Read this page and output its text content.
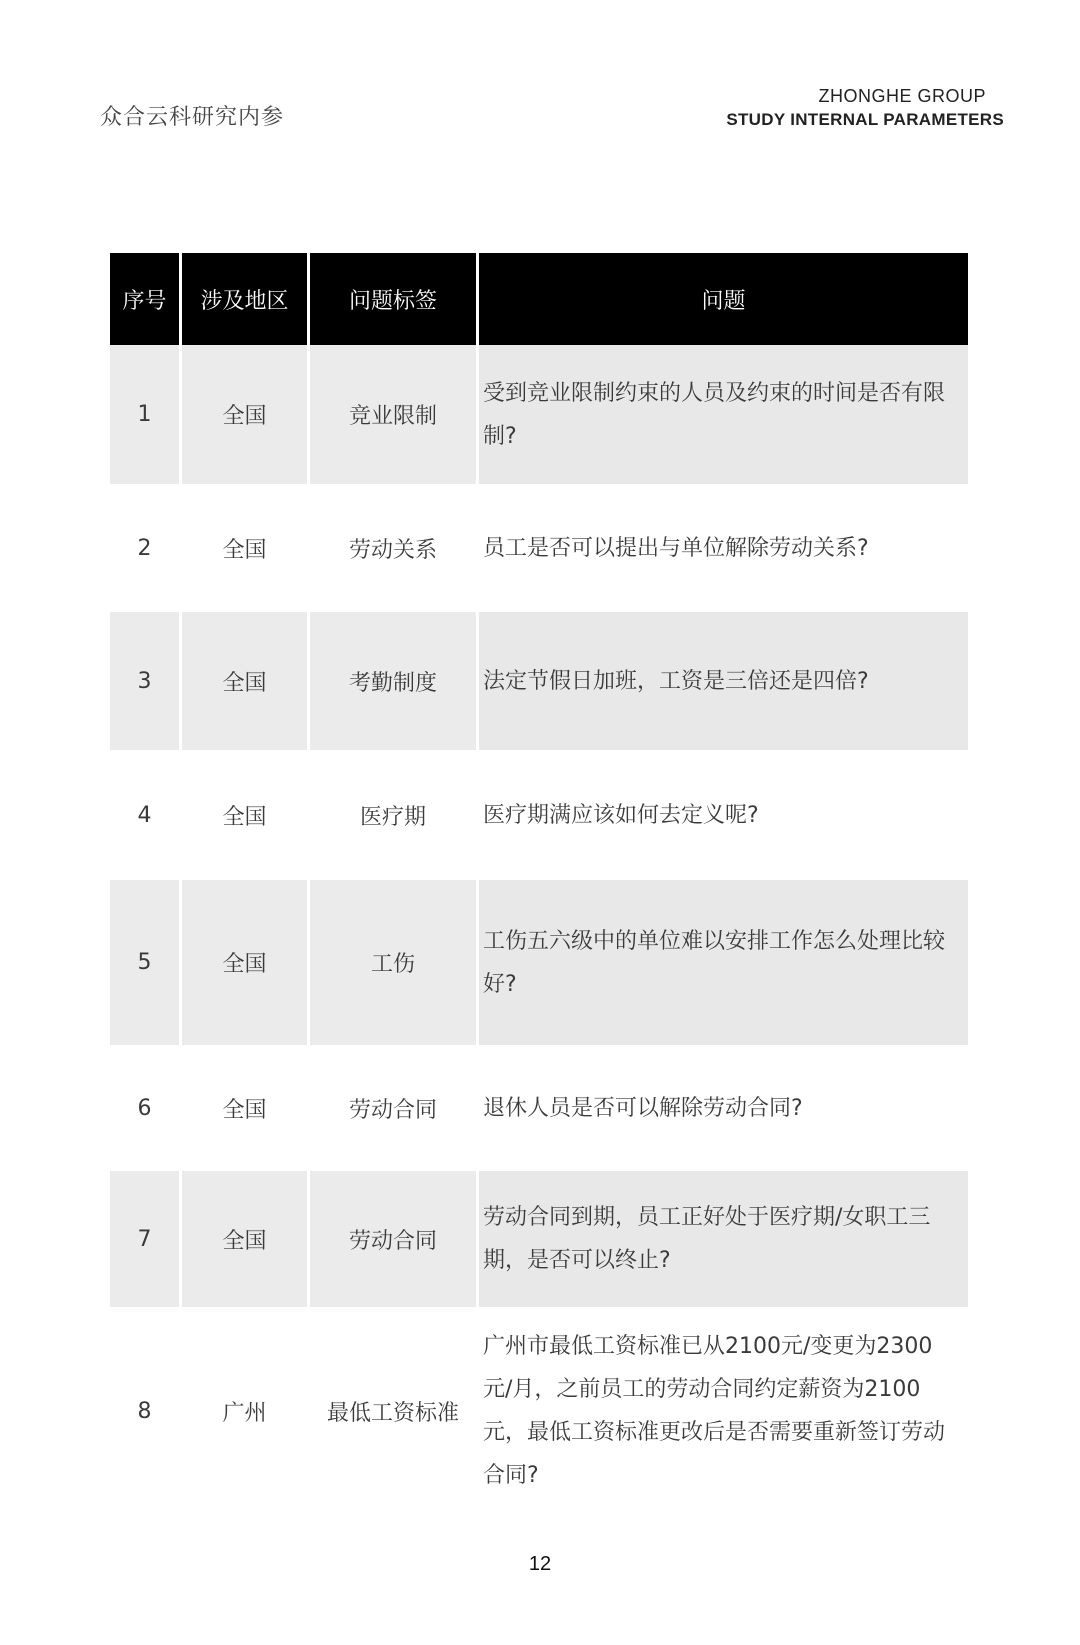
众合云科研究内参
ZHONGHE GROUP
STUDY INTERNAL PARAMETERS
序号	涉及地区	问题标签	问题
1	全国	竞业限制	受到竞业限制约束的人员及约束的时间是否有限制?
2	全国	劳动关系	员工是否可以提出与单位解除劳动关系?
3	全国	考勤制度	法定节假日加班，工资是三倍还是四倍?
4	全国	医疗期	医疗期满应该如何去定义呢?
5	全国	工伤	工伤五六级中的单位难以安排工作怎么处理比较好?
6	全国	劳动合同	退休人员是否可以解除劳动合同?
7	全国	劳动合同	劳动合同到期，员工正好处于医疗期/女职工三期，是否可以终止?
8	广州	最低工资标准	广州市最低工资标准已从2100元/变更为2300元/月，之前员工的劳动合同约定薪资为2100元，最低工资标准更改后是否需要重新签订劳动合同?
12
